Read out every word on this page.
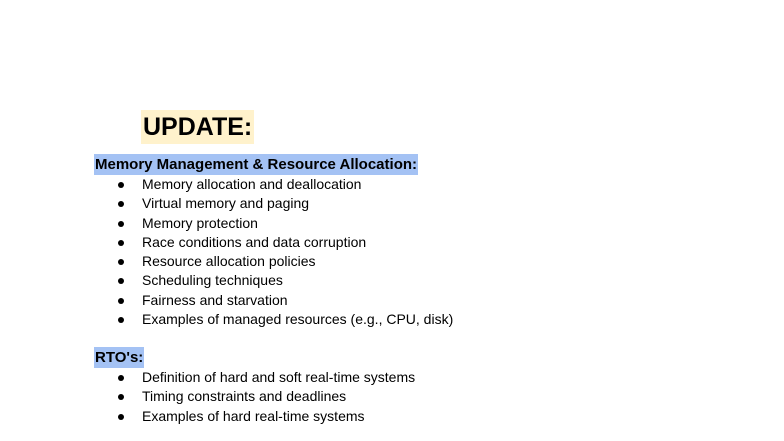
UPDATE:
Memory Management & Resource Allocation:
Memory allocation and deallocation
Virtual memory and paging
Memory protection
Race conditions and data corruption
Resource allocation policies
Scheduling techniques
Fairness and starvation
Examples of managed resources (e.g., CPU, disk)
RTO's:
Definition of hard and soft real-time systems
Timing constraints and deadlines
Examples of hard real-time systems
